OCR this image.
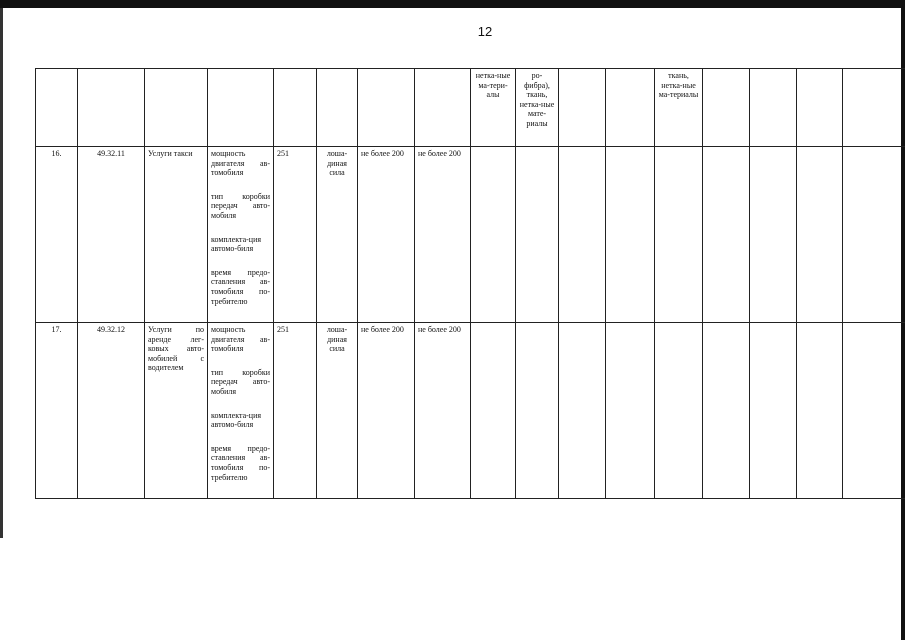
12
								нетка-ные ма-тери-алы	ро-фибра), ткань, нетка-ные мате-риалы			ткань, нетка-ные ма-териалы				
16.	49.32.11	Услуги такси	мощность двигателя ав-томобиля
тип коробки передач авто-мобиля
комплекта-ция автомо-биля
время предо-ставления ав-томобиля по-требителю	251	лоша-диная сила	не более 200	не более 200									
17.	49.32.12	Услуги по аренде лег-ковых авто-мобилей с водителем	мощность двигателя ав-томобиля
тип коробки передач авто-мобиля
комплекта-ция автомо-биля
время предо-ставления ав-томобиля по-требителю	251	лоша-диная сила	не более 200	не более 200									
